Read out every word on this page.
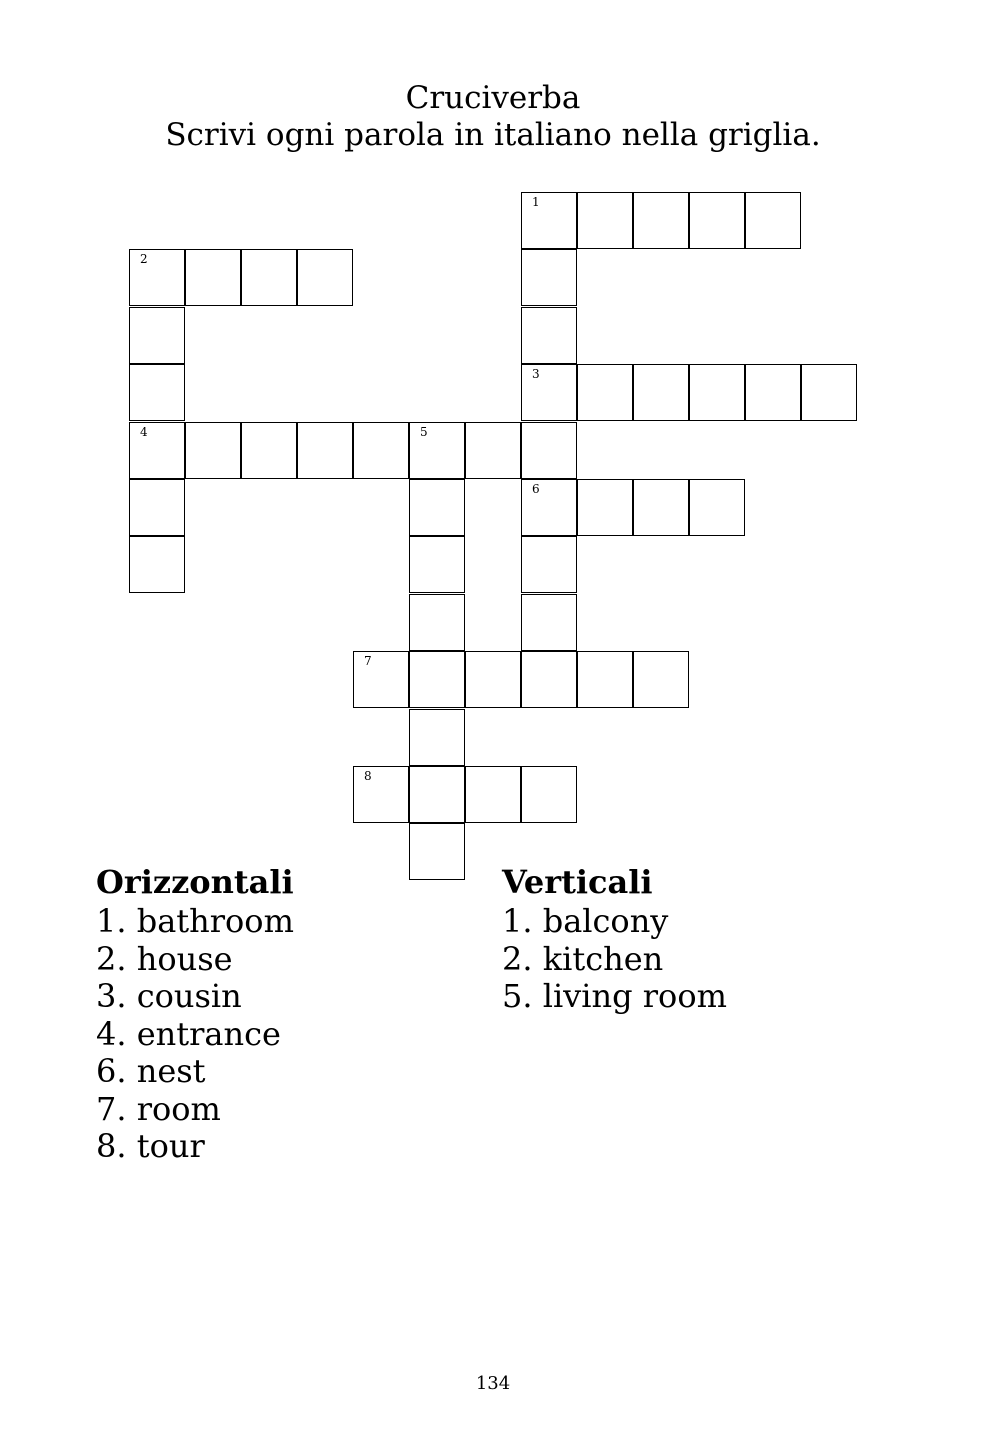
Cruciverba
Scrivi ogni parola in italiano nella griglia.
1
3
6
2
4	5
7
8
Orizzontali
1. bathroom
2. house
3. cousin
4. entrance
6. nest
7. room
8. tour
Verticali
1. balcony
2. kitchen
5. living room
134
